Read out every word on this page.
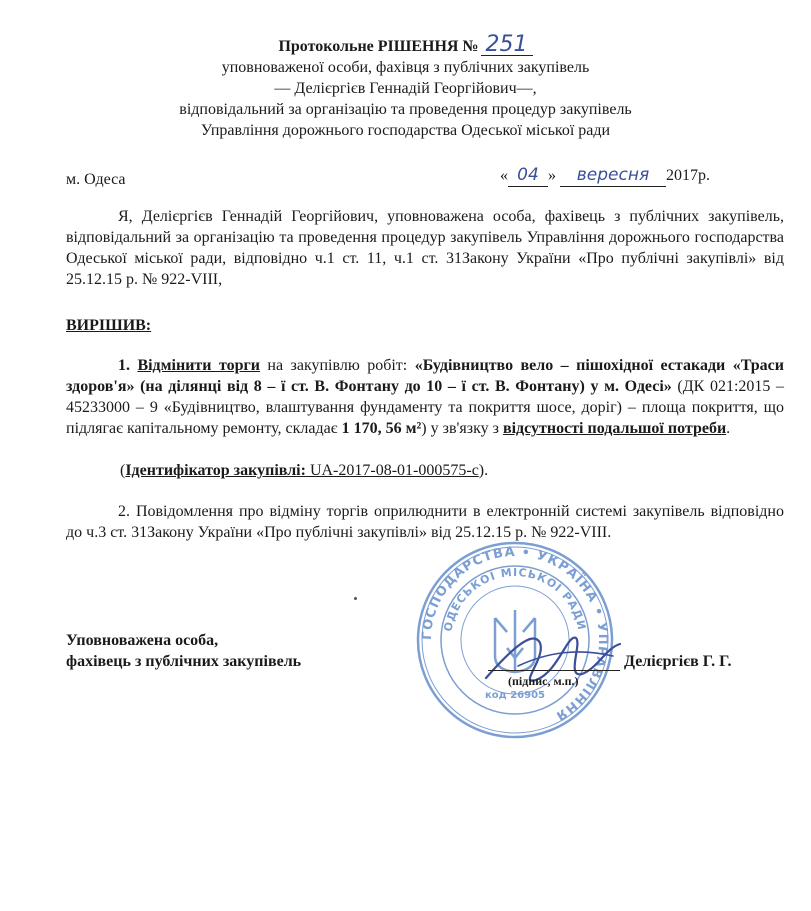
Протокольне РІШЕННЯ № 251
уповноваженої особи, фахівця з публічних закупівель
— Делієргієв Геннадій Георгійович—,
відповідальний за організацію та проведення процедур закупівель
Управління дорожнього господарства Одеської міської ради
м. Одеса	« 04 » вересня 2017р.

Я, Делієргієв Геннадій Георгійович, уповноважена особа, фахівець з публічних закупівель, відповідальний за організацію та проведення процедур закупівель Управління дорожнього господарства Одеської міської ради, відповідно ч.1 ст. 11, ч.1 ст. 31Закону України «Про публічні закупівлі» від 25.12.15 р. № 922-VIII,

ВИРІШИВ:

1. Відмінити торги на закупівлю робіт: «Будівництво вело – пішохідної естакади «Траси здоров'я» (на ділянці від 8 – ї ст. В. Фонтану до 10 – ї ст. В. Фонтану) у м. Одесі» (ДК 021:2015 – 45233000 – 9 «Будівництво, влаштування фундаменту та покриття шосе, доріг) – площа покриття, що підлягає капітальному ремонту, складає 1 170, 56 м²) у зв'язку з відсутності подальшої потреби.

(Ідентифікатор закупівлі: UA-2017-08-01-000575-с).

2. Повідомлення про відміну торгів оприлюднити в електронній системі закупівель відповідно до ч.3 ст. 31Закону України «Про публічні закупівлі» від 25.12.15 р. № 922-VIII.

Уповноважена особа,
фахівець з публічних закупівель
ГОСПОДАРСТВА • УКРАЇНА • УПРАВЛІННЯ
ОДЕСЬКОЇ МІСЬКОЇ РАДИ
код 26905
(підпис, м.п.)
Делієргієв Г. Г.
